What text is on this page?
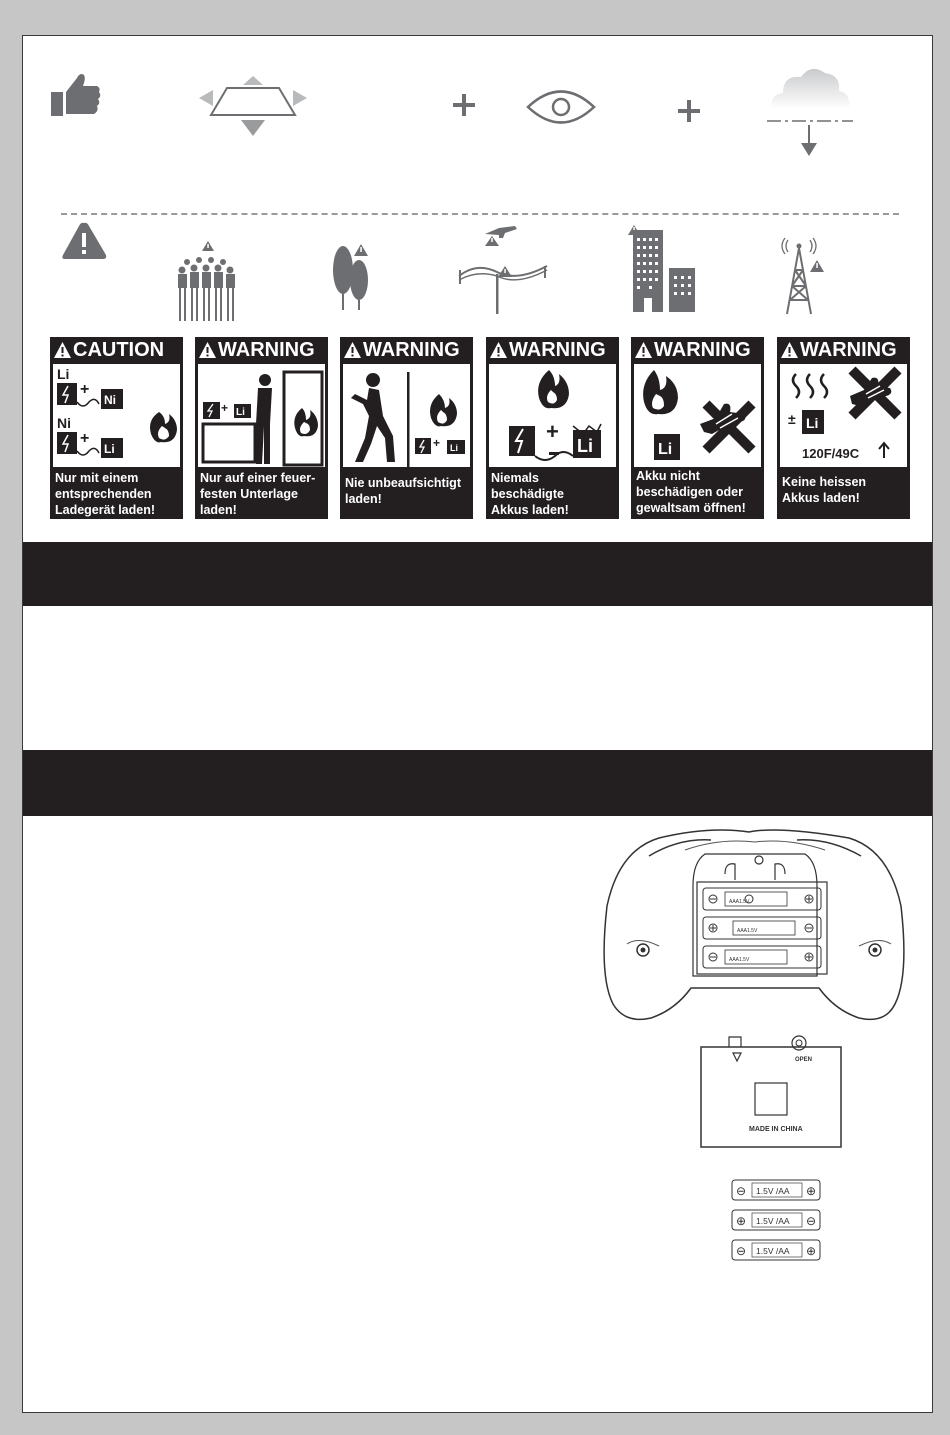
CAUTION
Li
+
Ni
Ni
+
Li
Nur mit einem
entsprechenden
Ladegerät laden!
WARNING
+ Li
Nur auf einer feuer-
festen Unterlage
laden!
WARNING
+ Li
Nie unbeaufsichtigt
laden!
WARNING
+
Li
Niemals
beschädigte
Akkus laden!
WARNING
Li
Akku nicht
beschädigen oder
gewaltsam öffnen!
WARNING
± Li
120F/49C
Keine heissen
Akkus laden!
AAA1.5V
AAA1.5V
AAA1.5V
OPEN
MADE IN CHINA
⊖ 1.5V /AA ⊕
⊕ 1.5V /AA ⊖
⊖ 1.5V /AA ⊕
